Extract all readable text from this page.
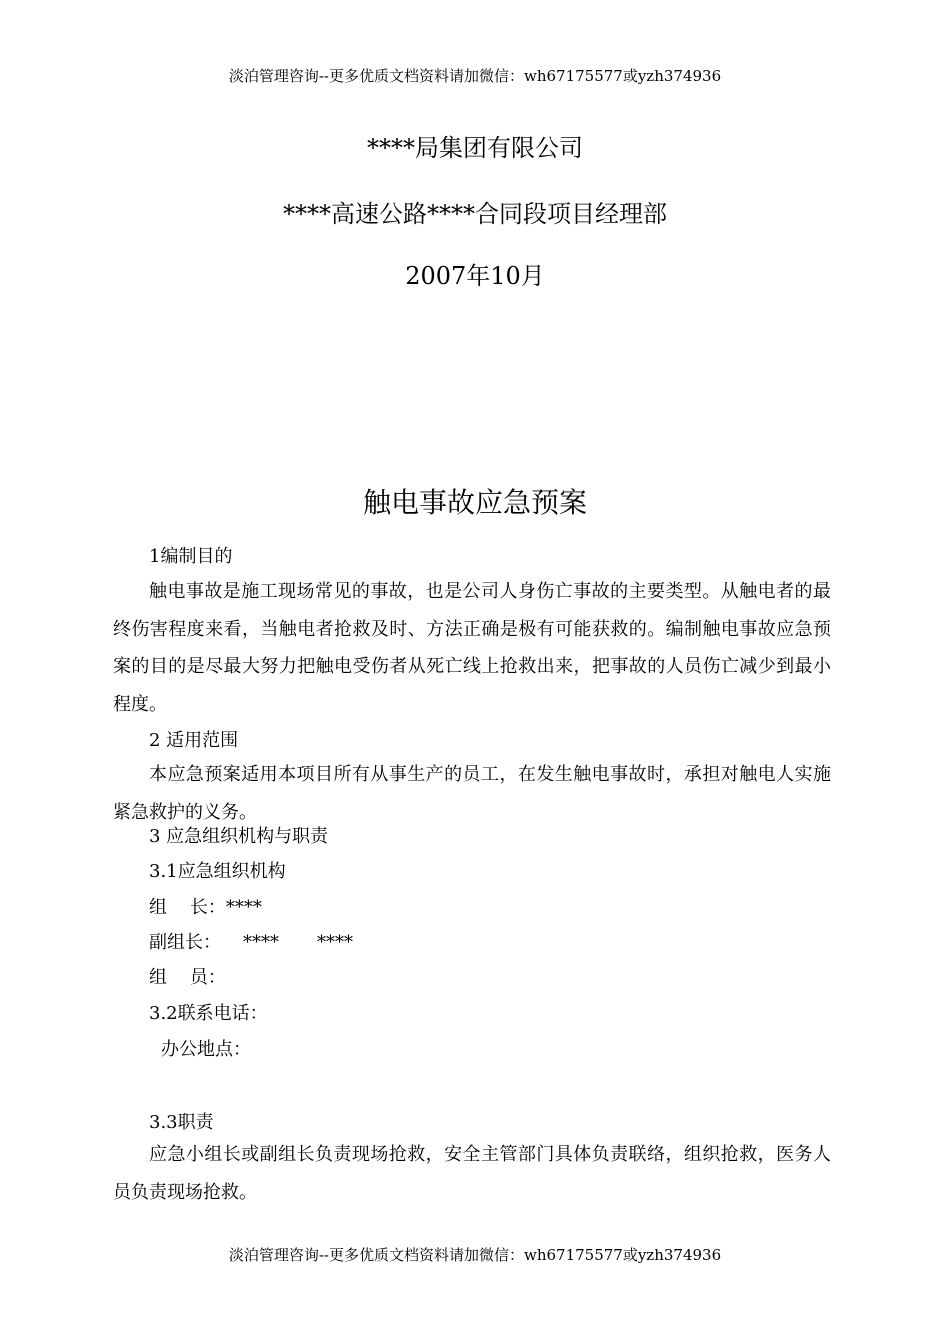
淡泊管理咨询--更多优质文档资料请加微信：wh67175577或yzh374936
****局集团有限公司
****高速公路****合同段项目经理部
2007年10月
触电事故应急预案
1编制目的
触电事故是施工现场常见的事故，也是公司人身伤亡事故的主要类型。从触电者的最终伤害程度来看，当触电者抢救及时、方法正确是极有可能获救的。编制触电事故应急预案的目的是尽最大努力把触电受伤者从死亡线上抢救出来，把事故的人员伤亡减少到最小程度。
2 适用范围
本应急预案适用本项目所有从事生产的员工，在发生触电事故时，承担对触电人实施紧急救护的义务。
3 应急组织机构与职责
3.1应急组织机构
组    长：****
副组长： **** ****
组    员：
3.2联系电话：
办公地点：
3.3职责
应急小组长或副组长负责现场抢救，安全主管部门具体负责联络，组织抢救，医务人员负责现场抢救。
淡泊管理咨询--更多优质文档资料请加微信：wh67175577或yzh374936
